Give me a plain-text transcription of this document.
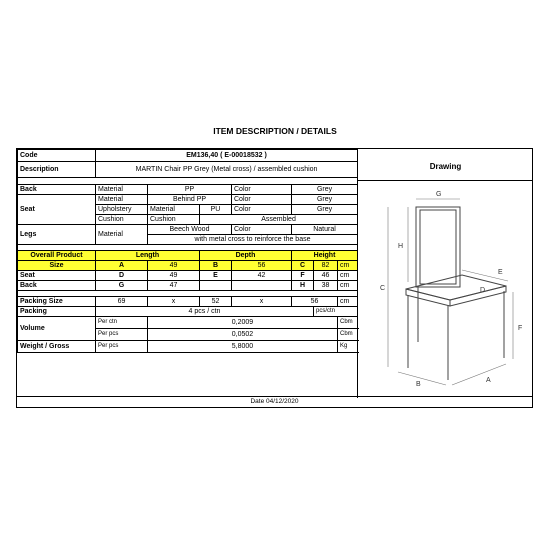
ITEM DESCRIPTION / DETAILS
Code	EM136,40 ( E-00018532 )						
Description	MARTIN Chair PP Grey (Metal cross) / assembled cushion						

Back	Material	PP		Color	Grey		
Seat	Material	Behind PP		Color	Grey		
	Upholstery	Material	PU	Color	Grey		
	Cushion	Cushion	Assembled				
Legs	Material	Beech Wood		Color	Natural		
		with metal cross to reinforce the base					

Overall Product	Length		Depth		Height		
Size	A	49	B	56	C	82	cm
Seat	D	49	E	42	F	46	cm
Back	G	47			H	38	cm

Packing Size	69	x	52	x	56		cm
Packing	4 pcs / ctn					pcs/ctn	
Volume	Per ctn	0,2009					Cbm
	Per pcs	0,0502					Cbm
Weight / Gross	Per pcs	5,8000					Kg
Drawing
G
H
C
E
D
F
B
A
Date 04/12/2020
